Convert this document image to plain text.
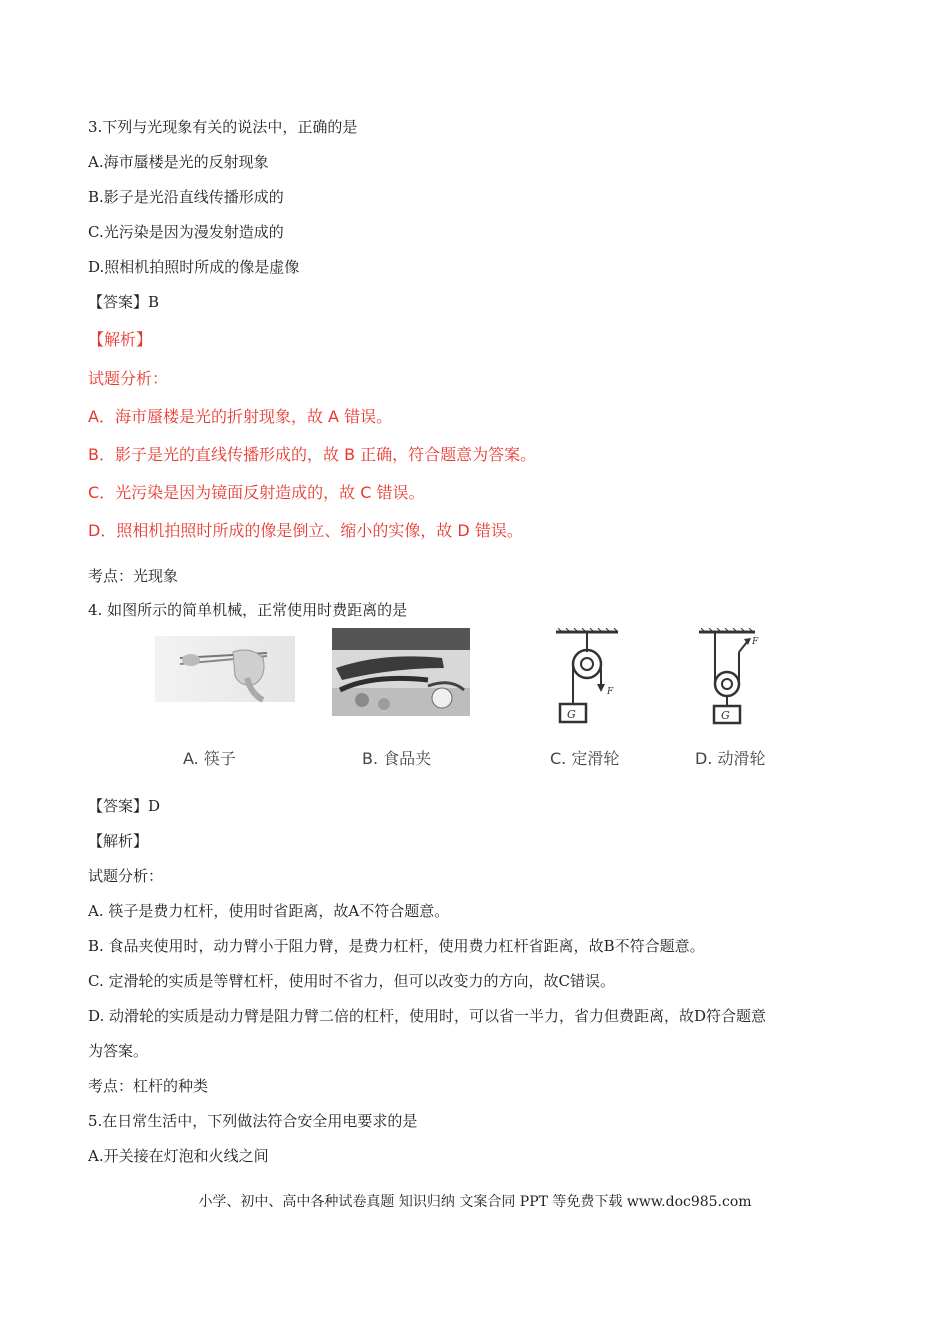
3.下列与光现象有关的说法中，正确的是
A.海市蜃楼是光的反射现象
B.影子是光沿直线传播形成的
C.光污染是因为漫发射造成的
D.照相机拍照时所成的像是虚像
【答案】B
【解析】
试题分析：
A．海市蜃楼是光的折射现象，故 A 错误。
B．影子是光的直线传播形成的，故 B 正确，符合题意为答案。
C．光污染是因为镜面反射造成的，故 C 错误。
D．照相机拍照时所成的像是倒立、缩小的实像，故 D 错误。
考点：光现象
4. 如图所示的简单机械，正常使用时费距离的是
A. 筷子	B. 食品夹
F
G
C. 定滑轮
F
G
D. 动滑轮
【答案】D
【解析】
试题分析：
A. 筷子是费力杠杆，使用时省距离，故A不符合题意。
B. 食品夹使用时，动力臂小于阻力臂，是费力杠杆，使用费力杠杆省距离，故B不符合题意。
C. 定滑轮的实质是等臂杠杆，使用时不省力，但可以改变力的方向，故C错误。
D. 动滑轮的实质是动力臂是阻力臂二倍的杠杆，使用时，可以省一半力，省力但费距离，故D符合题意
为答案。
考点：杠杆的种类
5.在日常生活中，下列做法符合安全用电要求的是
A.开关接在灯泡和火线之间
小学、初中、高中各种试卷真题 知识归纳 文案合同 PPT 等免费下载 www.doc985.com
